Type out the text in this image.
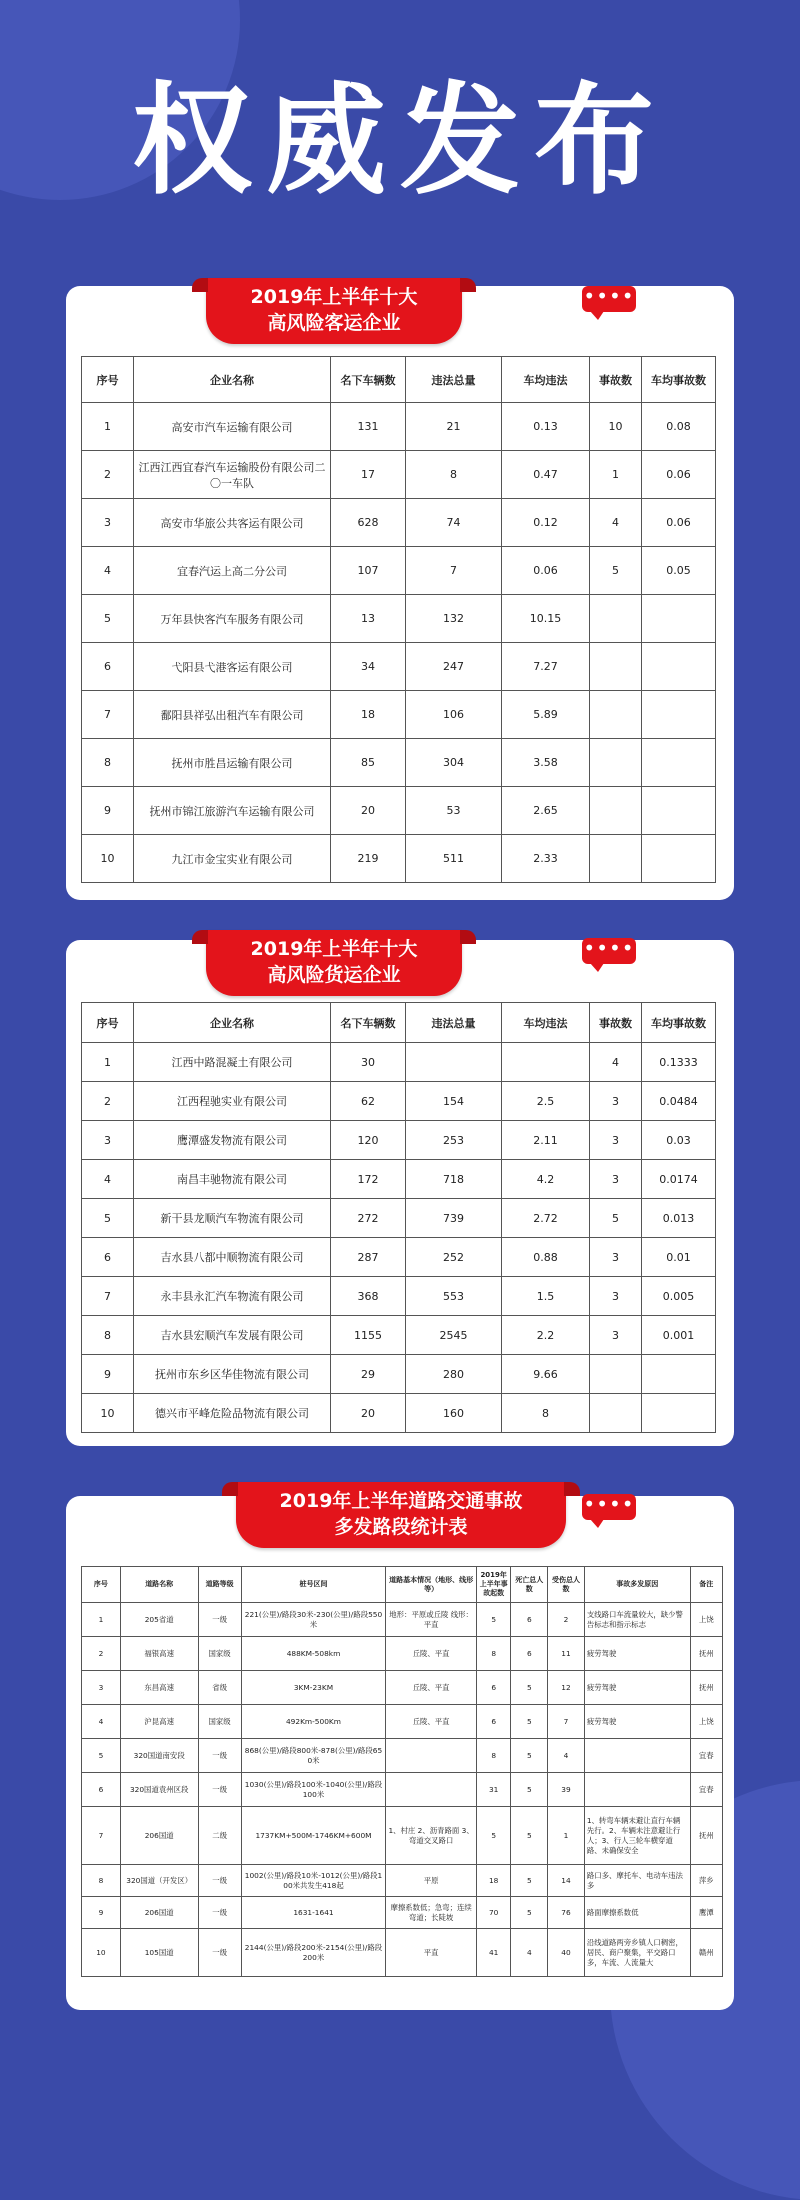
权威发布
2019年上半年十大
高风险客运企业
••••
序号	企业名称	名下车辆数	违法总量	车均违法	事故数	车均事故数
1	高安市汽车运输有限公司	131	21	0.13	10	0.08
2	江西江西宜春汽车运输股份有限公司二〇一车队	17	8	0.47	1	0.06
3	高安市华旅公共客运有限公司	628	74	0.12	4	0.06
4	宜春汽运上高二分公司	107	7	0.06	5	0.05
5	万年县快客汽车服务有限公司	13	132	10.15		
6	弋阳县弋港客运有限公司	34	247	7.27		
7	鄱阳县祥弘出租汽车有限公司	18	106	5.89		
8	抚州市胜昌运输有限公司	85	304	3.58		
9	抚州市锦江旅游汽车运输有限公司	20	53	2.65		
10	九江市金宝实业有限公司	219	511	2.33		
2019年上半年十大
高风险货运企业
••••
序号	企业名称	名下车辆数	违法总量	车均违法	事故数	车均事故数
1	江西中路混凝土有限公司	30			4	0.1333
2	江西程驰实业有限公司	62	154	2.5	3	0.0484
3	鹰潭盛发物流有限公司	120	253	2.11	3	0.03
4	南昌丰驰物流有限公司	172	718	4.2	3	0.0174
5	新干县龙顺汽车物流有限公司	272	739	2.72	5	0.013
6	吉水县八都中顺物流有限公司	287	252	0.88	3	0.01
7	永丰县永汇汽车物流有限公司	368	553	1.5	3	0.005
8	吉水县宏顺汽车发展有限公司	1155	2545	2.2	3	0.001
9	抚州市东乡区华佳物流有限公司	29	280	9.66		
10	德兴市平峰危险品物流有限公司	20	160	8		
2019年上半年道路交通事故
多发路段统计表
••••
序号	道路名称	道路等级	桩号区间	道路基本情况（地形、线形等）	2019年上半年事故起数	死亡总人数	受伤总人数	事故多发原因	备注
1	205省道	一级	221(公里)/路段30米-230(公里)/路段550米	地形：平原或丘陵 线形：平直	5	6	2	支线路口车流量较大，缺少警告标志和指示标志	上饶
2	福银高速	国家级	488KM-508km	丘陵、平直	8	6	11	疲劳驾驶	抚州
3	东昌高速	省级	3KM-23KM	丘陵、平直	6	5	12	疲劳驾驶	抚州
4	沪昆高速	国家级	492Km-500Km	丘陵、平直	6	5	7	疲劳驾驶	上饶
5	320国道南安段	一级	868(公里)/路段800米-878(公里)/路段650米		8	5	4		宜春
6	320国道袁州区段	一级	1030(公里)/路段100米-1040(公里)/路段100米		31	5	39		宜春
7	206国道	二级	1737KM+500M-1746KM+600M	1、村庄 2、沥青路面 3、弯道交叉路口	5	5	1	1、转弯车辆未避让直行车辆先行。2、车辆未注意避让行人；3、行人三轮车横穿道路、未确保安全	抚州
8	320国道（开发区）	一级	1002(公里)/路段10米-1012(公里)/路段100米共发生418起	平原	18	5	14	路口多、摩托车、电动车违法多	萍乡
9	206国道	一级	1631-1641	摩擦系数低；急弯；连续弯道；长陡坡	70	5	76	路面摩擦系数低	鹰潭
10	105国道	一级	2144(公里)/路段200米-2154(公里)/路段200米	平直	41	4	40	沿线道路两旁乡镇人口稠密，居民、商户聚集，平交路口多，车流、人流量大	赣州
